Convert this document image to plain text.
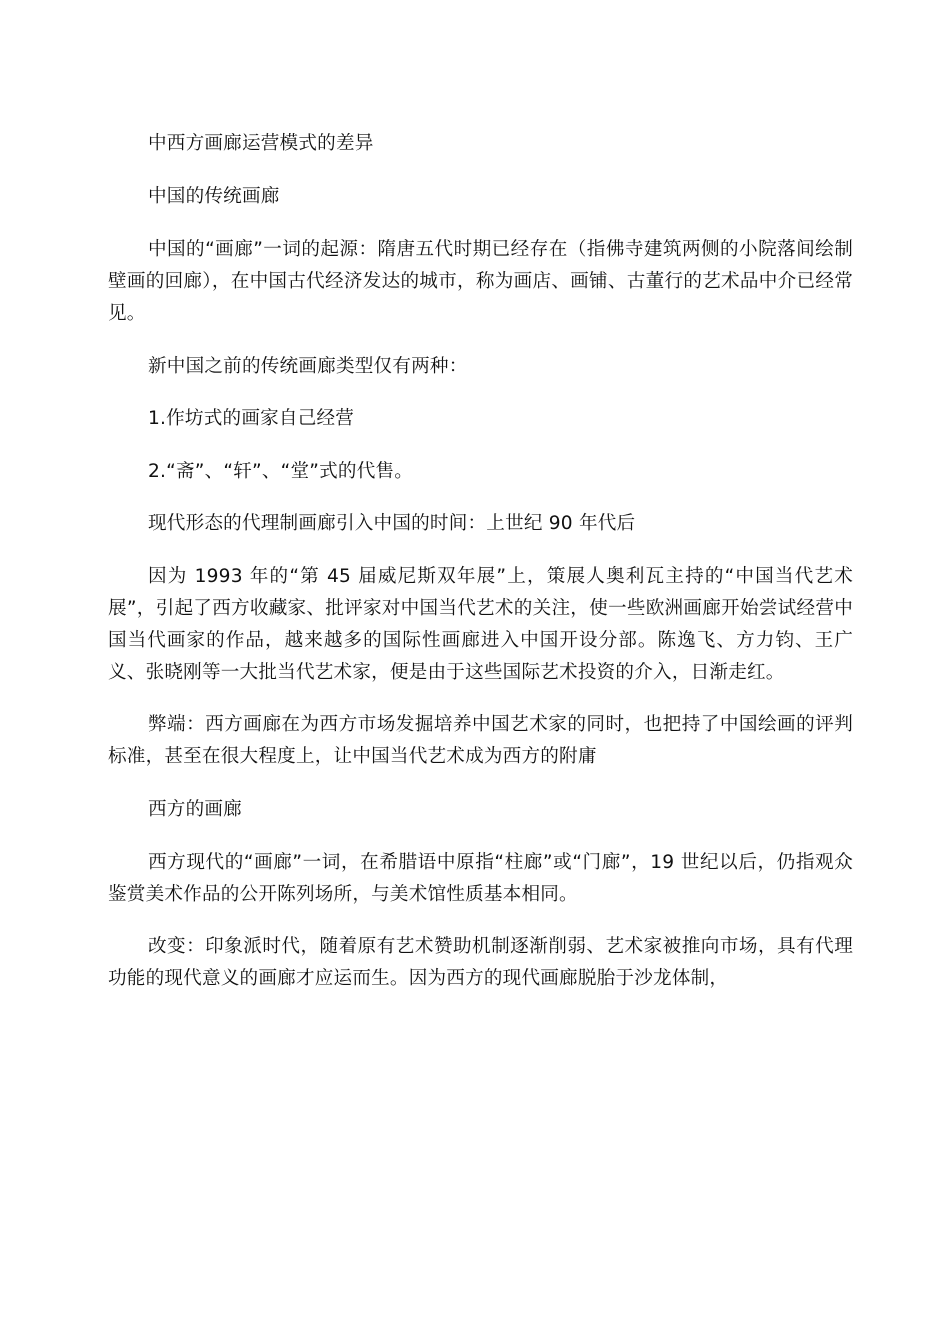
中西方画廊运营模式的差异

中国的传统画廊

中国的“画廊”一词的起源：隋唐五代时期已经存在（指佛寺建筑两侧的小院落间绘制壁画的回廊），在中国古代经济发达的城市，称为画店、画铺、古董行的艺术品中介已经常见。

新中国之前的传统画廊类型仅有两种：

1.作坊式的画家自己经营

2.“斋”、“轩”、“堂”式的代售。

现代形态的代理制画廊引入中国的时间：上世纪 90 年代后

因为 1993 年的“第 45 届威尼斯双年展”上，策展人奥利瓦主持的“中国当代艺术展”，引起了西方收藏家、批评家对中国当代艺术的关注，使一些欧洲画廊开始尝试经营中国当代画家的作品，越来越多的国际性画廊进入中国开设分部。陈逸飞、方力钧、王广义、张晓刚等一大批当代艺术家，便是由于这些国际艺术投资的介入，日渐走红。

弊端：西方画廊在为西方市场发掘培养中国艺术家的同时，也把持了中国绘画的评判标准，甚至在很大程度上，让中国当代艺术成为西方的附庸

西方的画廊

西方现代的“画廊”一词，在希腊语中原指“柱廊”或“门廊”，19 世纪以后，仍指观众鉴赏美术作品的公开陈列场所，与美术馆性质基本相同。

改变：印象派时代，随着原有艺术赞助机制逐渐削弱、艺术家被推向市场，具有代理功能的现代意义的画廊才应运而生。因为西方的现代画廊脱胎于沙龙体制，
